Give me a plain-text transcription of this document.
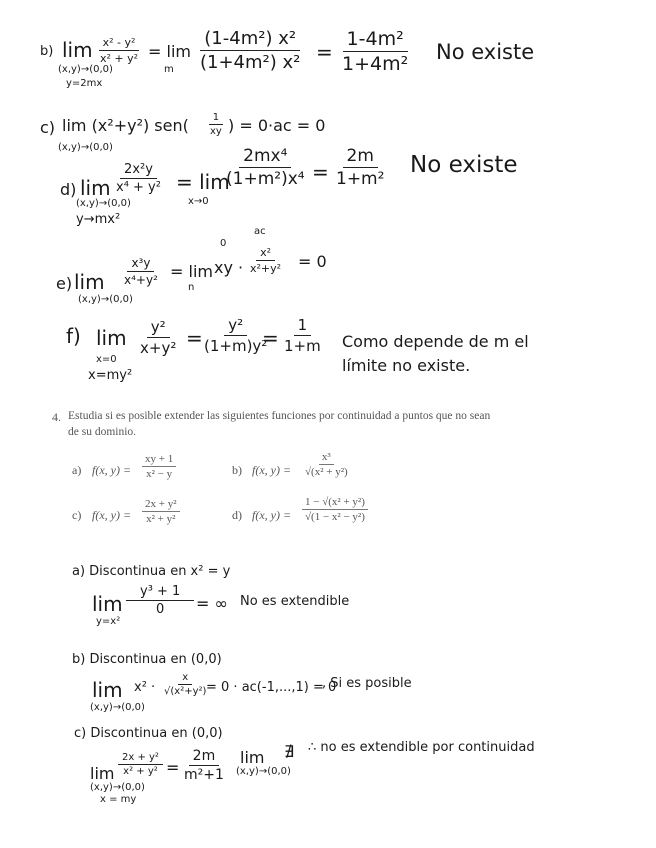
b) lim
(x,y)→(0,0)
y=2mx
$\frac{\text{x² - y²}}{\text{x² + y²}} = \lim$
m $\frac{\text{(1-4m²) x²}}{\text{(1+4m²) x²}} = \frac{\text{1-4m²}}{\text{1+4m²}}$ No existe
c) lim (x²+y²) $sen( \frac{1}{xy}$ ) = 0·ac = 0
(x,y)→(0,0)
d) lim
(x,y)→(0,0)
y→mx²
$\frac{\text{2x²y}}{\text{x⁴ + y²}} = \lim$
x→0
$\frac{\text{2mx⁴}}{\text{(1+m²)x⁴}} = \frac{2m}{\text{1+m²}}$ No existe
e) lim
(x,y)→(0,0)
$\frac{\text{x³y}}{\text{x⁴+y²}} = \lim$
n
0
ac
xy · $\frac{\text{x²}}{\text{x²+y²}} = 0$
f) lim
x=0
x=my²
$\frac{\text{y²}}{\text{x+y²}}$ =
$\frac{\text{y²}}{\text{(1+m)y²}}$
= $\frac{1}{1+m}$ Como depende de m el
límite no existe.
4. Estudia si es posible extender las siguientes funciones por continuidad a puntos que no sean
de su dominio.
a) f(x, $y) = \frac{xy + 1}{\text{x² − y}}$	b) f(x, $y) = \frac{\text{x³}}{\text{√(x² + y²)}}$
c) f(x, $y) = \frac{\text{2x + y²}}{\text{x² + y²}}$	d) f(x, $y) = \frac{\text{1 − √(x² + y²)}}{\text{√(1 − x² − y²)}}$
a) Discontinua en x² = y
lim
y=x²
$\frac{\text{y³ + 1}}{0}$ = ∞ No es extendible
b) Discontinua en (0,0)
lim
(x,y)→(0,0)
$x^2 \cdot \frac{x}{\text{√(x²+y²)}}$
= 0 · ac(-1,...,1) = 0
, Si es posible
c) Discontinua en (0,0)
lim
(x,y)→(0,0)
x = my
$\frac{\text{2x + y²}}{\text{x² + y²}} = \frac{2m}{\text{m²+1}}$ lim
(x,y)→(0,0)
∄ ∴ no es extendible por continuidad
